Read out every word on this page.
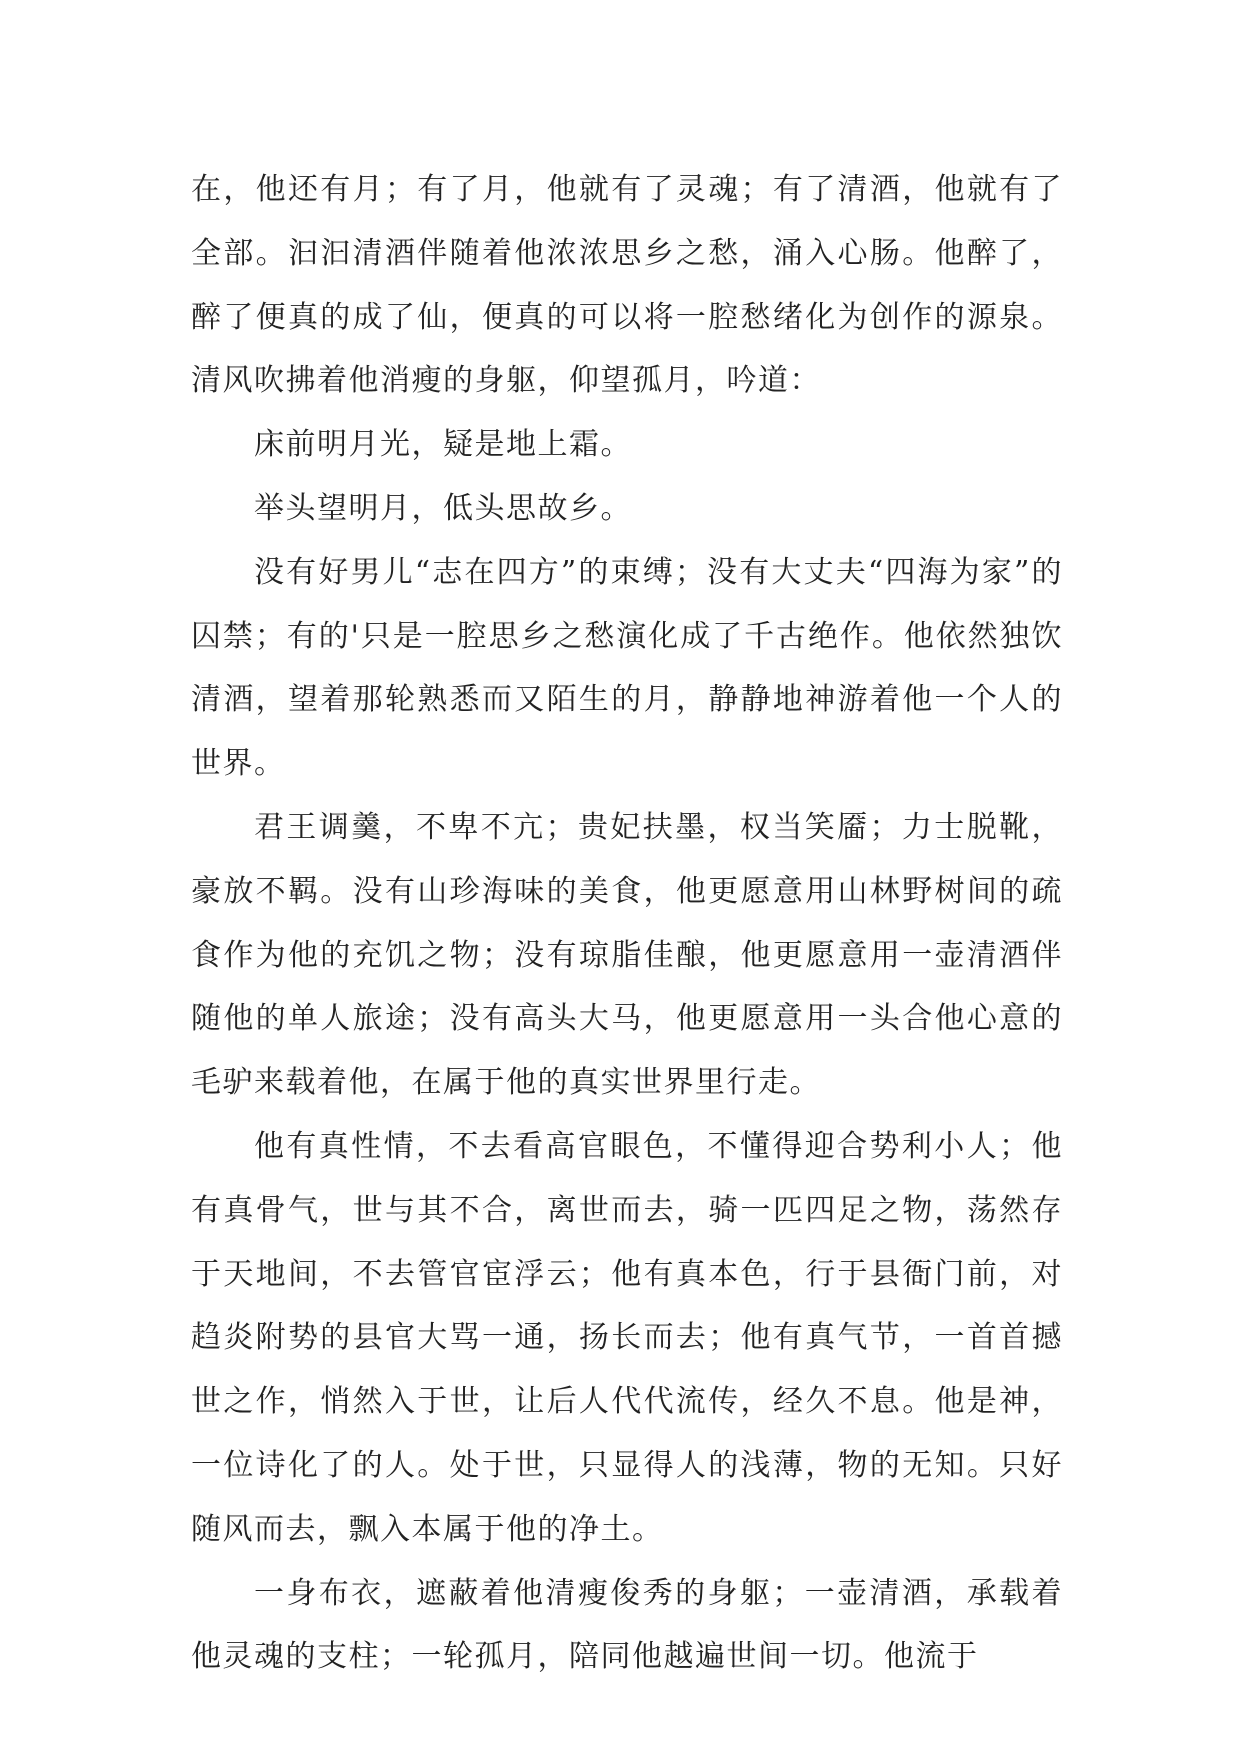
在，他还有月；有了月，他就有了灵魂；有了清酒，他就有了全部。汩汩清酒伴随着他浓浓思乡之愁，涌入心肠。他醉了，醉了便真的成了仙，便真的可以将一腔愁绪化为创作的源泉。清风吹拂着他消瘦的身躯，仰望孤月，吟道：

床前明月光，疑是地上霜。

举头望明月，低头思故乡。

没有好男儿“志在四方”的束缚；没有大丈夫“四海为家”的囚禁；有的'只是一腔思乡之愁演化成了千古绝作。他依然独饮清酒，望着那轮熟悉而又陌生的月，静静地神游着他一个人的世界。

君王调羹，不卑不亢；贵妃扶墨，权当笑靥；力士脱靴，豪放不羁。没有山珍海味的美食，他更愿意用山林野树间的疏食作为他的充饥之物；没有琼脂佳酿，他更愿意用一壶清酒伴随他的单人旅途；没有高头大马，他更愿意用一头合他心意的毛驴来载着他，在属于他的真实世界里行走。

他有真性情，不去看高官眼色，不懂得迎合势利小人；他有真骨气，世与其不合，离世而去，骑一匹四足之物，荡然存于天地间，不去管官宦浮云；他有真本色，行于县衙门前，对趋炎附势的县官大骂一通，扬长而去；他有真气节，一首首撼世之作，悄然入于世，让后人代代流传，经久不息。他是神，一位诗化了的人。处于世，只显得人的浅薄，物的无知。只好随风而去，飘入本属于他的净土。

一身布衣，遮蔽着他清瘦俊秀的身躯；一壶清酒，承载着他灵魂的支柱；一轮孤月，陪同他越遍世间一切。他流于
